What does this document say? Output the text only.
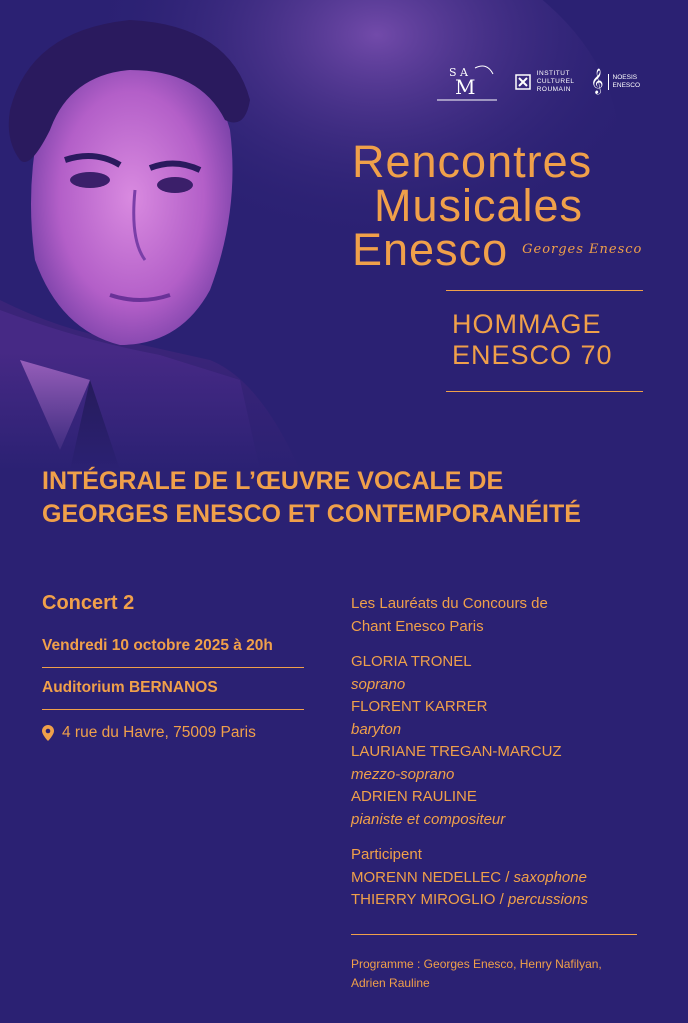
S A
M
INSTITUT
CULTUREL
ROUMAIN 𝄞 NOESIS
ENESCO
Rencontres
Musicales
Enesco Georges Enesco
HOMMAGE
ENESCO 70
INTÉGRALE DE L’ŒUVRE VOCALE DE
GEORGES ENESCO ET CONTEMPORANÉITÉ
Concert 2
Vendredi 10 octobre 2025 à 20h
Auditorium BERNANOS
4 rue du Havre, 75009 Paris
Les Lauréats du Concours de
Chant Enesco Paris
GLORIA TRONEL
soprano
FLORENT KARRER
baryton
LAURIANE TREGAN-MARCUZ
mezzo-soprano
ADRIEN RAULINE
pianiste et compositeur
Participent
MORENN NEDELLEC / saxophone
THIERRY MIROGLIO / percussions
Programme : Georges Enesco, Henry Nafilyan,
Adrien Rauline
